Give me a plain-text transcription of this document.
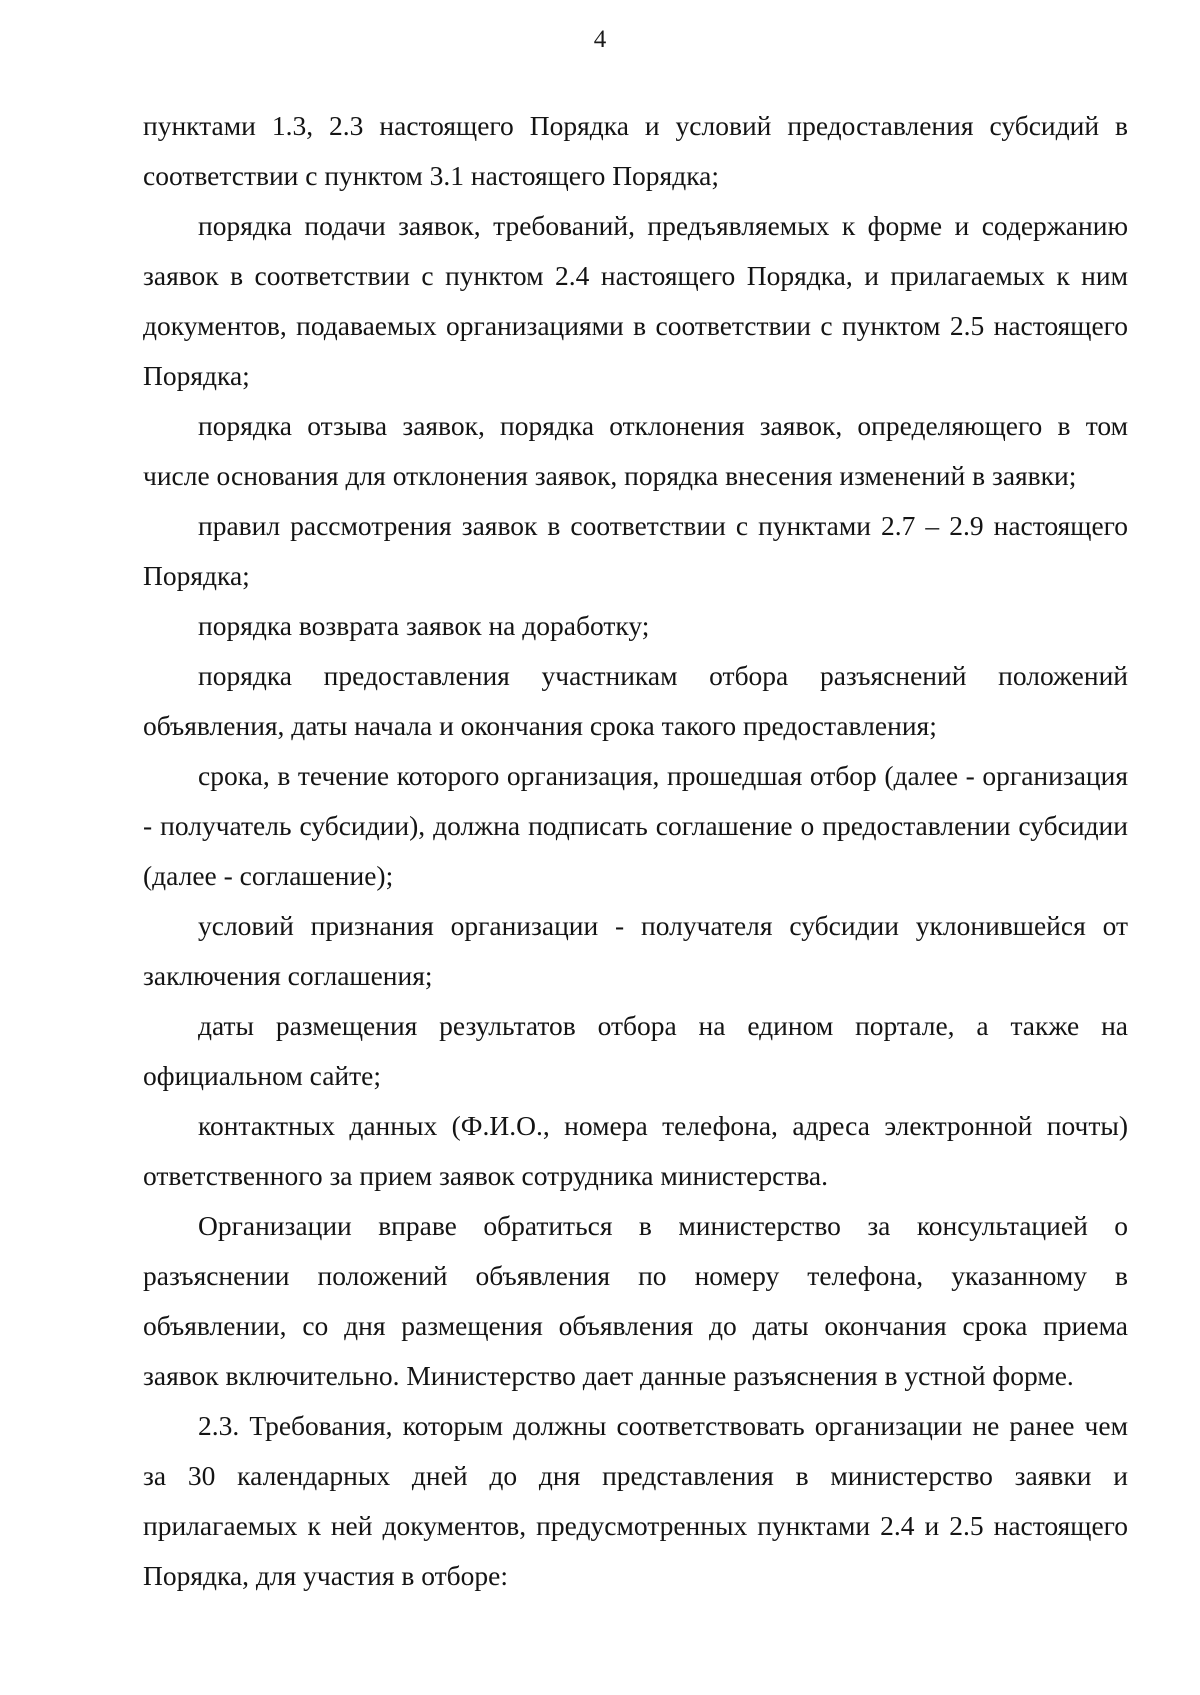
4

пунктами 1.3, 2.3 настоящего Порядка и условий предоставления субсидий в соответствии с пунктом 3.1 настоящего Порядка;

порядка подачи заявок, требований, предъявляемых к форме и содержанию заявок в соответствии с пунктом 2.4 настоящего Порядка, и прилагаемых к ним документов, подаваемых организациями в соответствии с пунктом 2.5 настоящего Порядка;

порядка отзыва заявок, порядка отклонения заявок, определяющего в том числе основания для отклонения заявок, порядка внесения изменений в заявки;

правил рассмотрения заявок в соответствии с пунктами 2.7 – 2.9 настоящего Порядка;

порядка возврата заявок на доработку;

порядка предоставления участникам отбора разъяснений положений объявления, даты начала и окончания срока такого предоставления;

срока, в течение которого организация, прошедшая отбор (далее - организация - получатель субсидии), должна подписать соглашение о предоставлении субсидии (далее - соглашение);

условий признания организации - получателя субсидии уклонившейся от заключения соглашения;

даты размещения результатов отбора на едином портале, а также на официальном сайте;

контактных данных (Ф.И.О., номера телефона, адреса электронной почты) ответственного за прием заявок сотрудника министерства.

Организации вправе обратиться в министерство за консультацией о разъяснении положений объявления по номеру телефона, указанному в объявлении, со дня размещения объявления до даты окончания срока приема заявок включительно. Министерство дает данные разъяснения в устной форме.

2.3. Требования, которым должны соответствовать организации не ранее чем за 30 календарных дней до дня представления в министерство заявки и прилагаемых к ней документов, предусмотренных пунктами 2.4 и 2.5 настоящего Порядка, для участия в отборе:
